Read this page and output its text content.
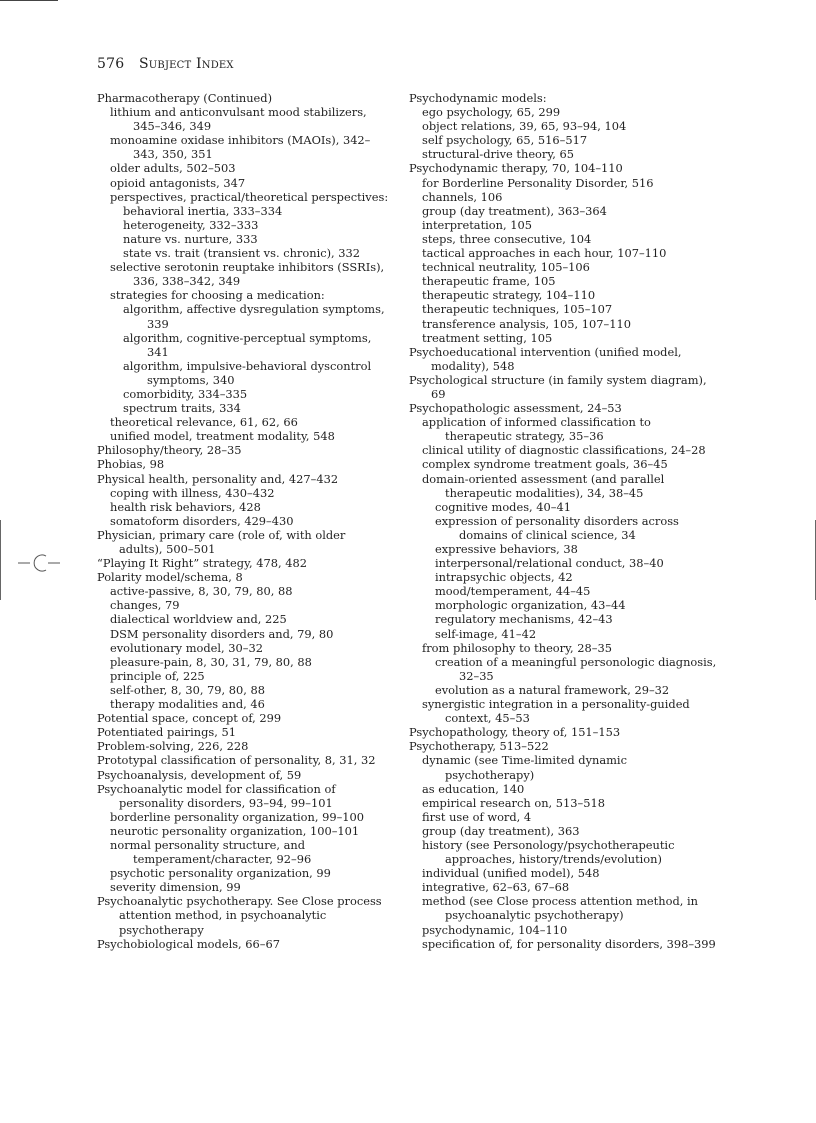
576 Subject Index
Pharmacotherapy (Continued)
lithium and anticonvulsant mood stabilizers, 345–346, 349
monoamine oxidase inhibitors (MAOIs), 342–343, 350, 351
older adults, 502–503
opioid antagonists, 347
perspectives, practical/theoretical perspectives:
behavioral inertia, 333–334
heterogeneity, 332–333
nature vs. nurture, 333
state vs. trait (transient vs. chronic), 332
selective serotonin reuptake inhibitors (SSRIs), 336, 338–342, 349
strategies for choosing a medication:
algorithm, affective dysregulation symptoms, 339
algorithm, cognitive-perceptual symptoms, 341
algorithm, impulsive-behavioral dyscontrol symptoms, 340
comorbidity, 334–335
spectrum traits, 334
theoretical relevance, 61, 62, 66
unified model, treatment modality, 548
Philosophy/theory, 28–35
Phobias, 98
Physical health, personality and, 427–432
coping with illness, 430–432
health risk behaviors, 428
somatoform disorders, 429–430
Physician, primary care (role of, with older adults), 500–501
“Playing It Right” strategy, 478, 482
Polarity model/schema, 8
active-passive, 8, 30, 79, 80, 88
changes, 79
dialectical worldview and, 225
DSM personality disorders and, 79, 80
evolutionary model, 30–32
pleasure-pain, 8, 30, 31, 79, 80, 88
principle of, 225
self-other, 8, 30, 79, 80, 88
therapy modalities and, 46
Potential space, concept of, 299
Potentiated pairings, 51
Problem-solving, 226, 228
Prototypal classification of personality, 8, 31, 32
Psychoanalysis, development of, 59
Psychoanalytic model for classification of personality disorders, 93–94, 99–101
borderline personality organization, 99–100
neurotic personality organization, 100–101
normal personality structure, and temperament/character, 92–96
psychotic personality organization, 99
severity dimension, 99
Psychoanalytic psychotherapy. See Close process attention method, in psychoanalytic psychotherapy
Psychobiological models, 66–67
Psychodynamic models:
ego psychology, 65, 299
object relations, 39, 65, 93–94, 104
self psychology, 65, 516–517
structural-drive theory, 65
Psychodynamic therapy, 70, 104–110
for Borderline Personality Disorder, 516
channels, 106
group (day treatment), 363–364
interpretation, 105
steps, three consecutive, 104
tactical approaches in each hour, 107–110
technical neutrality, 105–106
therapeutic frame, 105
therapeutic strategy, 104–110
therapeutic techniques, 105–107
transference analysis, 105, 107–110
treatment setting, 105
Psychoeducational intervention (unified model, modality), 548
Psychological structure (in family system diagram), 69
Psychopathologic assessment, 24–53
application of informed classification to therapeutic strategy, 35–36
clinical utility of diagnostic classifications, 24–28
complex syndrome treatment goals, 36–45
domain-oriented assessment (and parallel therapeutic modalities), 34, 38–45
cognitive modes, 40–41
expression of personality disorders across domains of clinical science, 34
expressive behaviors, 38
interpersonal/relational conduct, 38–40
intrapsychic objects, 42
mood/temperament, 44–45
morphologic organization, 43–44
regulatory mechanisms, 42–43
self-image, 41–42
from philosophy to theory, 28–35
creation of a meaningful personologic diagnosis, 32–35
evolution as a natural framework, 29–32
synergistic integration in a personality-guided context, 45–53
Psychopathology, theory of, 151–153
Psychotherapy, 513–522
dynamic (see Time-limited dynamic psychotherapy)
as education, 140
empirical research on, 513–518
first use of word, 4
group (day treatment), 363
history (see Personology/psychotherapeutic approaches, history/trends/evolution)
individual (unified model), 548
integrative, 62–63, 67–68
method (see Close process attention method, in psychoanalytic psychotherapy)
psychodynamic, 104–110
specification of, for personality disorders, 398–399
